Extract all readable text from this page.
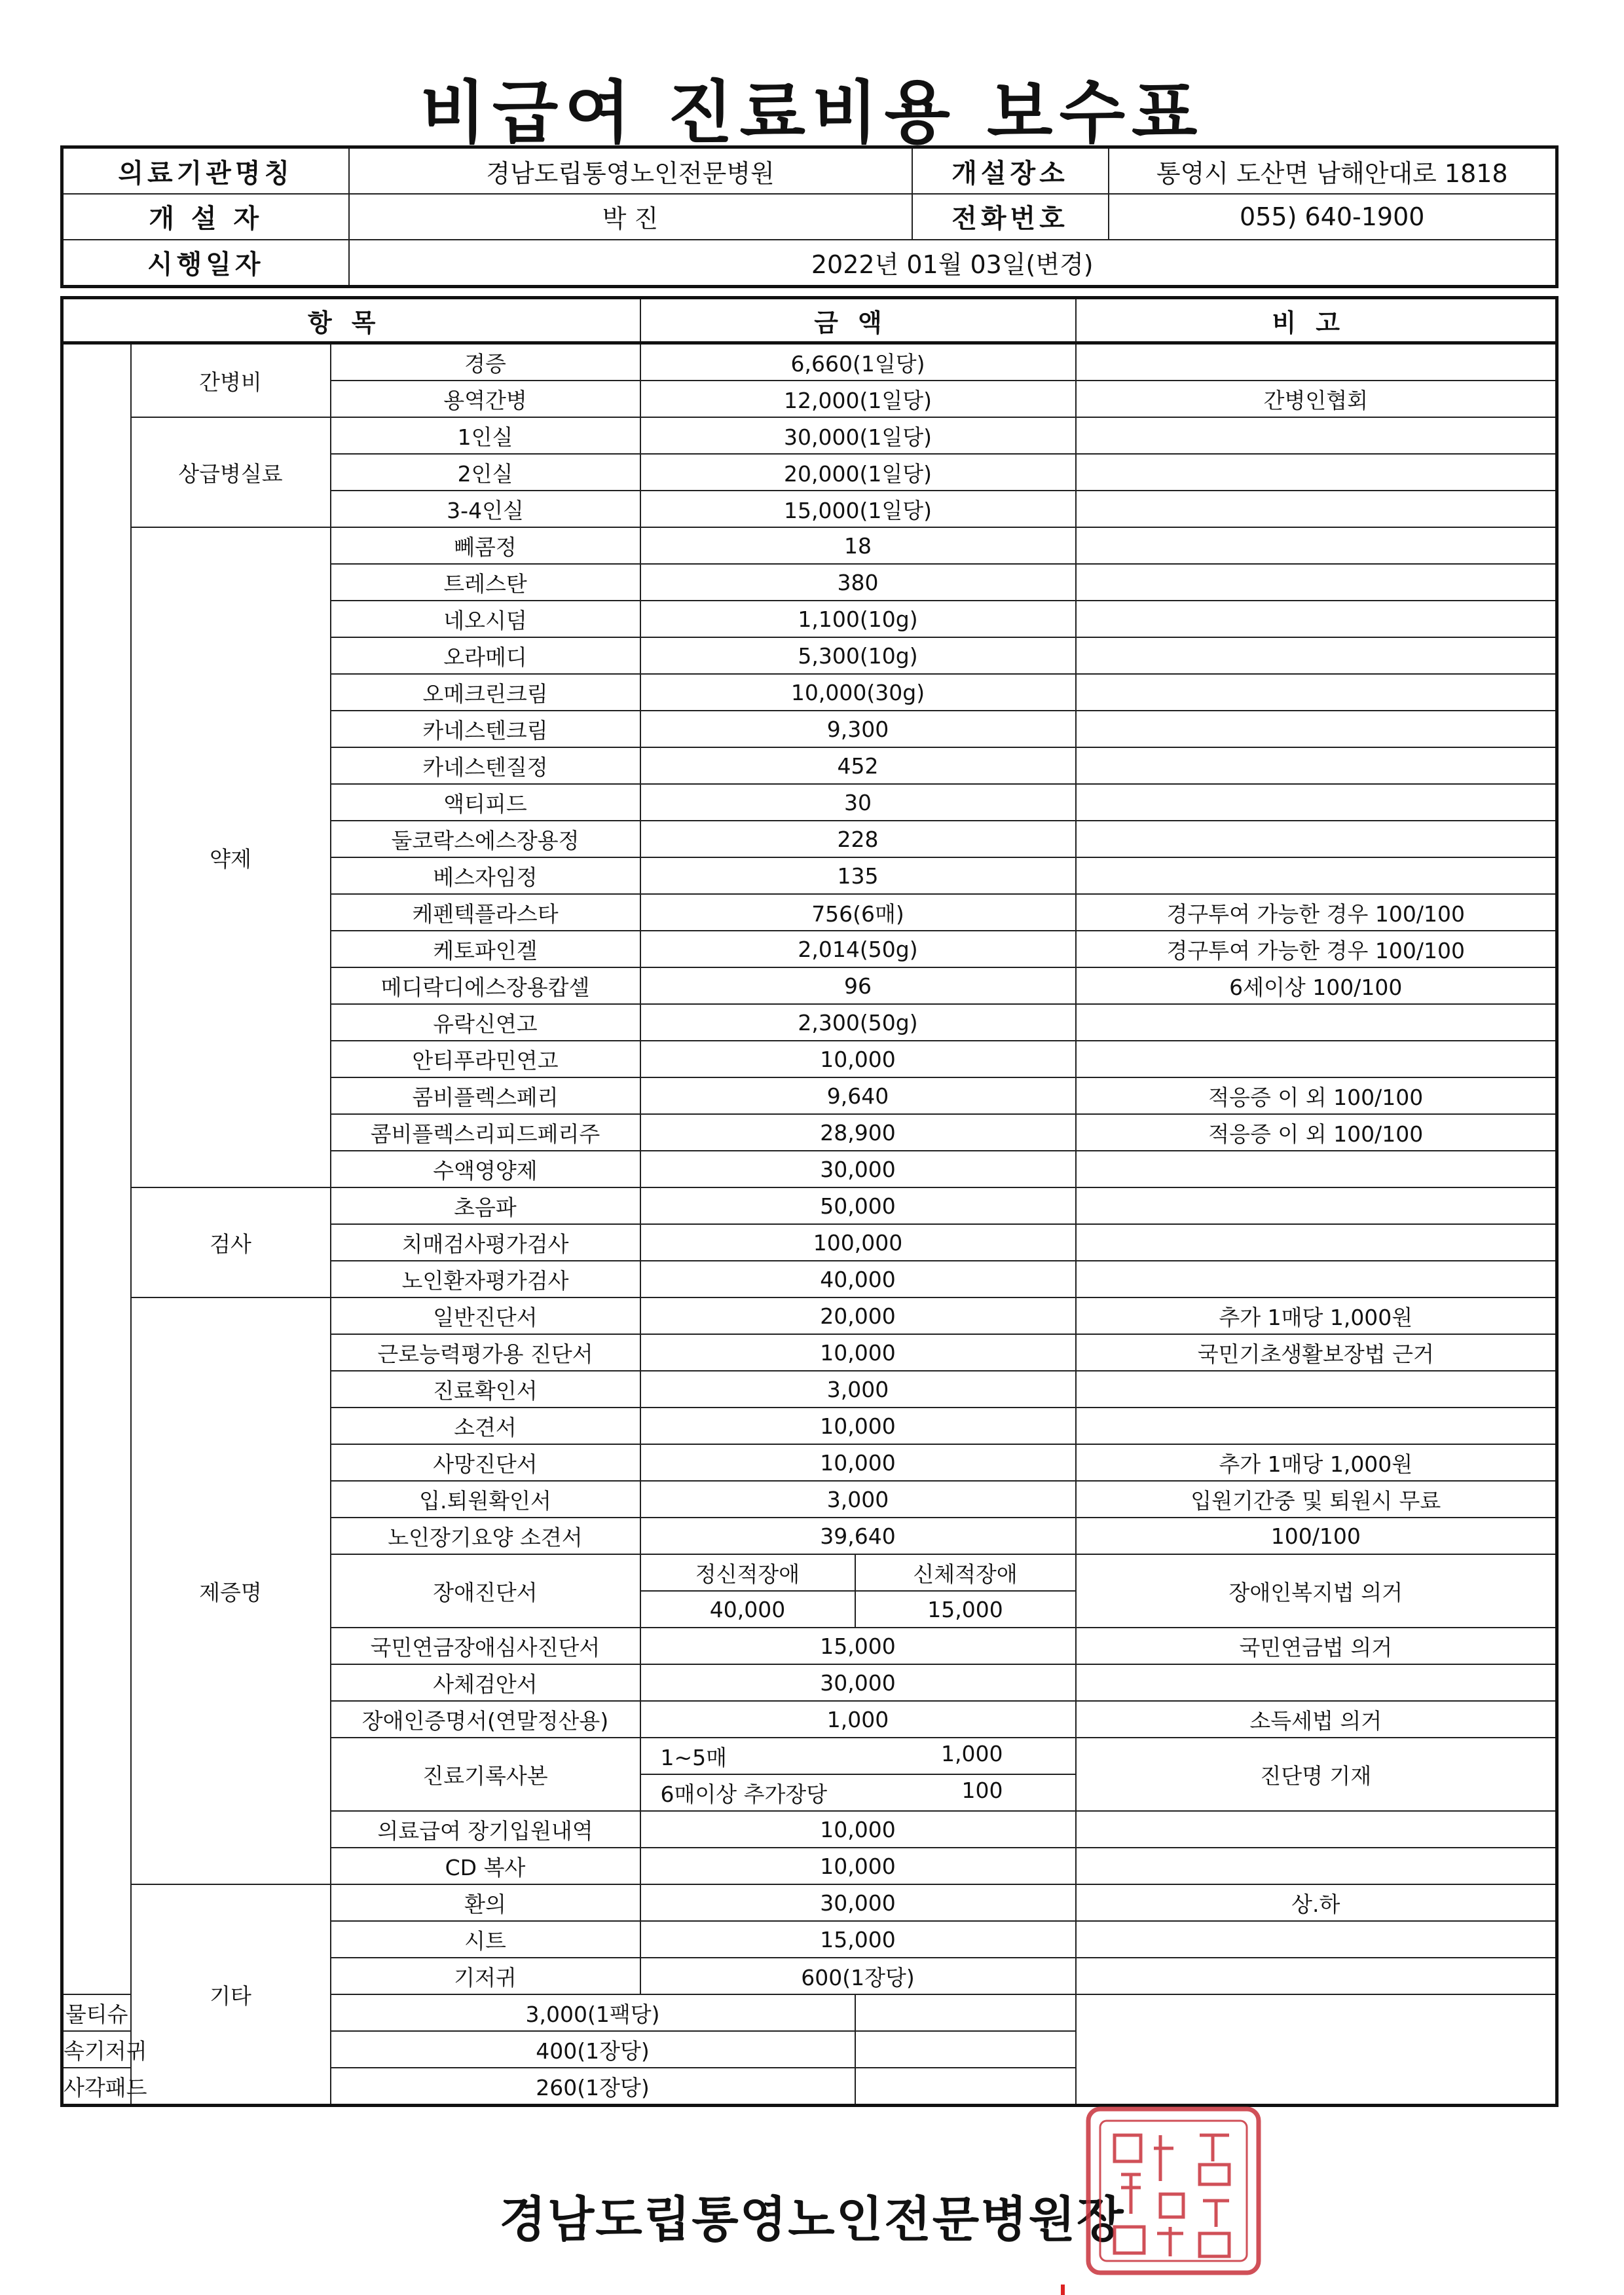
비급여 진료비용 보수표
의료기관명칭	경남도립통영노인전문병원	개설장소	통영시 도산면 남해안대로 1818
개 설 자	박 진	전화번호	055) 640-1900
시행일자	2022년 01월 03일(변경)		
항목			금액		비고
	간병비	경증	6,660(1일당)		
		용역간병	12,000(1일당)		간병인협회
	상급병실료	1인실	30,000(1일당)		
		2인실	20,000(1일당)		
		3-4인실	15,000(1일당)		
	약제	뻬콤정	18		
		트레스탄	380		
		네오시덤	1,100(10g)		
		오라메디	5,300(10g)		
		오메크린크림	10,000(30g)		
		카네스텐크림	9,300		
		카네스텐질정	452		
		액티피드	30		
		둘코락스에스장용정	228		
		베스자임정	135		
		케펜텍플라스타	756(6매)		경구투여 가능한 경우 100/100
		케토파인겔	2,014(50g)		경구투여 가능한 경우 100/100
		메디락디에스장용캅셀	96		6세이상 100/100
		유락신연고	2,300(50g)		
		안티푸라민연고	10,000		
		콤비플렉스페리	9,640		적응증 이 외 100/100
		콤비플렉스리피드페리주	28,900		적응증 이 외 100/100
		수액영양제	30,000		
	검사	초음파	50,000		
		치매검사평가검사	100,000		
		노인환자평가검사	40,000		
	제증명	일반진단서	20,000		추가 1매당 1,000원
		근로능력평가용 진단서	10,000		국민기초생활보장법 근거
		진료확인서	3,000		
		소견서	10,000		
		사망진단서	10,000		추가 1매당 1,000원
		입.퇴원확인서	3,000		입원기간중 및 퇴원시 무료
		노인장기요양 소견서	39,640		100/100
		장애진단서	정신적장애	신체적장애	장애인복지법 의거
			40,000	15,000	
		국민연금장애심사진단서	15,000		국민연금법 의거
		사체검안서	30,000		
		장애인증명서(연말정산용)	1,000		소득세법 의거
		진료기록사본	1~5매 1,000		진단명 기재

			6매이상 추가장당 100		

		의료급여 장기입원내역	10,000		
		CD 복사	10,000		
	기타	환의	30,000		상.하
		시트	15,000		
		기저귀	600(1장당)		
물티슈		3,000(1팩당)			
속기저귀		400(1장당)			
사각패드		260(1장당)			
경남도립통영노인전문병원장
